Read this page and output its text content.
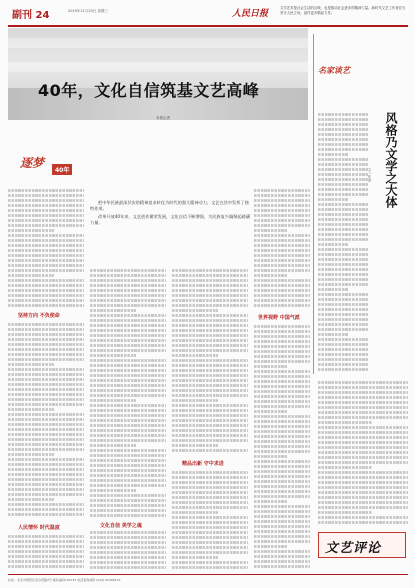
副刊 24	2019年11月20日 星期三	人民日报
文学艺术是社会生活的反映，也是推动社会进步的精神力量。新时代文艺工作者应当坚守人民立场，创作更多精品力作。
40年，文化自信筑基文艺高峰
本报记者
逐梦
40年

把中华民族最深层次的精神追求转化为时代的强大精神动力，文艺在其中发挥了独特作用。

改革开放40年来，文艺创作繁荣发展，文化自信不断增强，为民族复兴凝聚起磅礴力量。

坚持方向 不负使命
人民情怀 时代温度	文化自信 美学之魂
精品出新 守中求进
世界视野 中国气派
名家谈艺
风格乃文学之大体
文 / 作者
文艺评论
社址：北京市朝阳区金台西路2号 邮政编码100733 电话查询请拨 (010) 65368114
